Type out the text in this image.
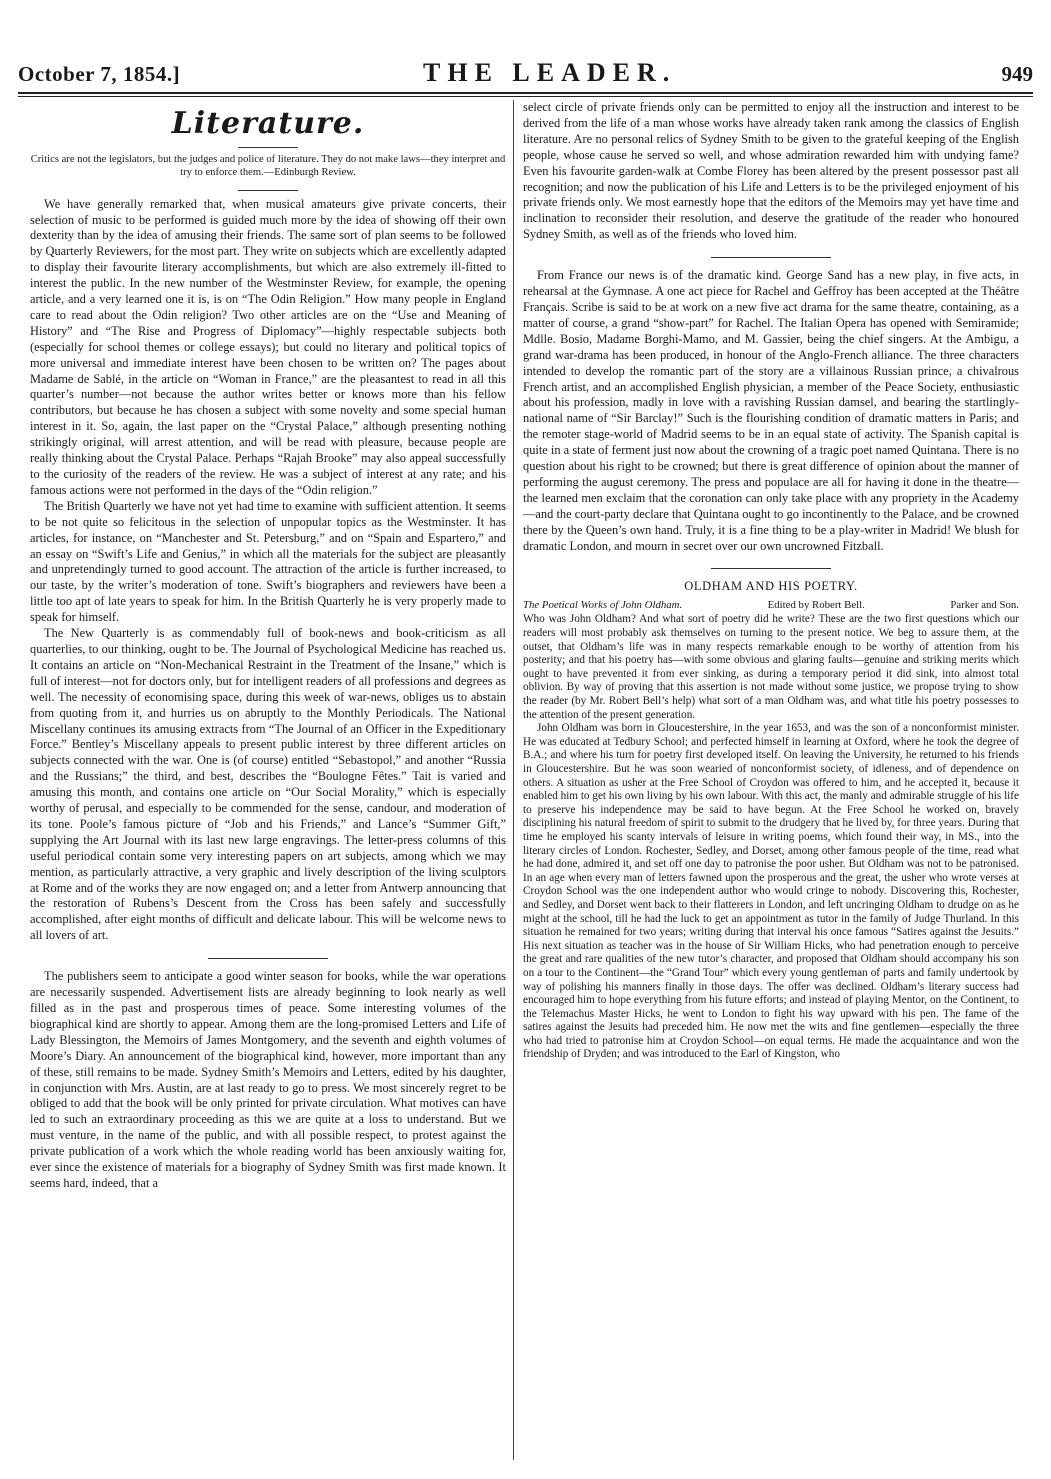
October 7, 1854.]	THE LEADER.	949
Literature.

Critics are not the legislators, but the judges and police of literature. They do not make laws—they interpret and try to enforce them.—Edinburgh Review.

We have generally remarked that, when musical amateurs give private concerts, their selection of music to be performed is guided much more by the idea of showing off their own dexterity than by the idea of amusing their friends. The same sort of plan seems to be followed by Quarterly Reviewers, for the most part. They write on subjects which are excellently adapted to display their favourite literary accomplishments, but which are also extremely ill-fitted to interest the public. In the new number of the Westminster Review, for example, the opening article, and a very learned one it is, is on “The Odin Religion.” How many people in England care to read about the Odin religion? Two other articles are on the “Use and Meaning of History” and “The Rise and Progress of Diplomacy”—highly respectable subjects both (especially for school themes or college essays); but could no literary and political topics of more universal and immediate interest have been chosen to be written on? The pages about Madame de Sablé, in the article on “Woman in France,” are the pleasantest to read in all this quarter’s number—not because the author writes better or knows more than his fellow contributors, but because he has chosen a subject with some novelty and some special human interest in it. So, again, the last paper on the “Crystal Palace,” although presenting nothing strikingly original, will arrest attention, and will be read with pleasure, because people are really thinking about the Crystal Palace. Perhaps “Rajah Brooke” may also appeal successfully to the curiosity of the readers of the review. He was a subject of interest at any rate; and his famous actions were not performed in the days of the “Odin religion.”

The British Quarterly we have not yet had time to examine with sufficient attention. It seems to be not quite so felicitous in the selection of unpopular topics as the Westminster. It has articles, for instance, on “Manchester and St. Petersburg,” and on “Spain and Espartero,” and an essay on “Swift’s Life and Genius,” in which all the materials for the subject are pleasantly and unpretendingly turned to good account. The attraction of the article is further increased, to our taste, by the writer’s moderation of tone. Swift’s biographers and reviewers have been a little too apt of late years to speak for him. In the British Quarterly he is very properly made to speak for himself.

The New Quarterly is as commendably full of book-news and book-criticism as all quarterlies, to our thinking, ought to be. The Journal of Psychological Medicine has reached us. It contains an article on “Non-Mechanical Restraint in the Treatment of the Insane,” which is full of interest—not for doctors only, but for intelligent readers of all professions and degrees as well. The necessity of economising space, during this week of war-news, obliges us to abstain from quoting from it, and hurries us on abruptly to the Monthly Periodicals. The National Miscellany continues its amusing extracts from “The Journal of an Officer in the Expeditionary Force.” Bentley’s Miscellany appeals to present public interest by three different articles on subjects connected with the war. One is (of course) entitled “Sebastopol,” and another “Russia and the Russians;” the third, and best, describes the “Boulogne Fêtes.” Tait is varied and amusing this month, and contains one article on “Our Social Morality,” which is especially worthy of perusal, and especially to be commended for the sense, candour, and moderation of its tone. Poole’s famous picture of “Job and his Friends,” and Lance’s “Summer Gift,” supplying the Art Journal with its last new large engravings. The letter-press columns of this useful periodical contain some very interesting papers on art subjects, among which we may mention, as particularly attractive, a very graphic and lively description of the living sculptors at Rome and of the works they are now engaged on; and a letter from Antwerp announcing that the restoration of Rubens’s Descent from the Cross has been safely and successfully accomplished, after eight months of difficult and delicate labour. This will be welcome news to all lovers of art.

The publishers seem to anticipate a good winter season for books, while the war operations are necessarily suspended. Advertisement lists are already beginning to look nearly as well filled as in the past and prosperous times of peace. Some interesting volumes of the biographical kind are shortly to appear. Among them are the long-promised Letters and Life of Lady Blessington, the Memoirs of James Montgomery, and the seventh and eighth volumes of Moore’s Diary. An announcement of the biographical kind, however, more important than any of these, still remains to be made. Sydney Smith’s Memoirs and Letters, edited by his daughter, in conjunction with Mrs. Austin, are at last ready to go to press. We most sincerely regret to be obliged to add that the book will be only printed for private circulation. What motives can have led to such an extraordinary proceeding as this we are quite at a loss to understand. But we must venture, in the name of the public, and with all possible respect, to protest against the private publication of a work which the whole reading world has been anxiously waiting for, ever since the existence of materials for a biography of Sydney Smith was first made known. It seems hard, indeed, that a

select circle of private friends only can be permitted to enjoy all the instruction and interest to be derived from the life of a man whose works have already taken rank among the classics of English literature. Are no personal relics of Sydney Smith to be given to the grateful keeping of the English people, whose cause he served so well, and whose admiration rewarded him with undying fame? Even his favourite garden-walk at Combe Florey has been altered by the present possessor past all recognition; and now the publication of his Life and Letters is to be the privileged enjoyment of his private friends only. We most earnestly hope that the editors of the Memoirs may yet have time and inclination to reconsider their resolution, and deserve the gratitude of the reader who honoured Sydney Smith, as well as of the friends who loved him.

From France our news is of the dramatic kind. George Sand has a new play, in five acts, in rehearsal at the Gymnase. A one act piece for Rachel and Geffroy has been accepted at the Théâtre Français. Scribe is said to be at work on a new five act drama for the same theatre, containing, as a matter of course, a grand “show-part” for Rachel. The Italian Opera has opened with Semiramide; Mdlle. Bosio, Madame Borghi-Mamo, and M. Gassier, being the chief singers. At the Ambigu, a grand war-drama has been produced, in honour of the Anglo-French alliance. The three characters intended to develop the romantic part of the story are a villainous Russian prince, a chivalrous French artist, and an accomplished English physician, a member of the Peace Society, enthusiastic about his profession, madly in love with a ravishing Russian damsel, and bearing the startlingly-national name of “Sir Barclay!” Such is the flourishing condition of dramatic matters in Paris; and the remoter stage-world of Madrid seems to be in an equal state of activity. The Spanish capital is quite in a state of ferment just now about the crowning of a tragic poet named Quintana. There is no question about his right to be crowned; but there is great difference of opinion about the manner of performing the august ceremony. The press and populace are all for having it done in the theatre—the learned men exclaim that the coronation can only take place with any propriety in the Academy—and the court-party declare that Quintana ought to go incontinently to the Palace, and be crowned there by the Queen’s own hand. Truly, it is a fine thing to be a play-writer in Madrid! We blush for dramatic London, and mourn in secret over our own uncrowned Fitzball.

OLDHAM AND HIS POETRY.
The Poetical Works of John Oldham.	Edited by Robert Bell.	Parker and Son.

Who was John Oldham? And what sort of poetry did he write? These are the two first questions which our readers will most probably ask themselves on turning to the present notice. We beg to assure them, at the outset, that Oldham’s life was in many respects remarkable enough to be worthy of attention from his posterity; and that his poetry has—with some obvious and glaring faults—genuine and striking merits which ought to have prevented it from ever sinking, as during a temporary period it did sink, into almost total oblivion. By way of proving that this assertion is not made without some justice, we propose trying to show the reader (by Mr. Robert Bell’s help) what sort of a man Oldham was, and what title his poetry possesses to the attention of the present generation.

John Oldham was born in Gloucestershire, in the year 1653, and was the son of a nonconformist minister. He was educated at Tedbury School; and perfected himself in learning at Oxford, where he took the degree of B.A.; and where his turn for poetry first developed itself. On leaving the University, he returned to his friends in Gloucestershire. But he was soon wearied of nonconformist society, of idleness, and of dependence on others. A situation as usher at the Free School of Croydon was offered to him, and he accepted it, because it enabled him to get his own living by his own labour. With this act, the manly and admirable struggle of his life to preserve his independence may be said to have begun. At the Free School he worked on, bravely disciplining his natural freedom of spirit to submit to the drudgery that he lived by, for three years. During that time he employed his scanty intervals of leisure in writing poems, which found their way, in MS., into the literary circles of London. Rochester, Sedley, and Dorset, among other famous people of the time, read what he had done, admired it, and set off one day to patronise the poor usher. But Oldham was not to be patronised. In an age when every man of letters fawned upon the prosperous and the great, the usher who wrote verses at Croydon School was the one independent author who would cringe to nobody. Discovering this, Rochester, and Sedley, and Dorset went back to their flatterers in London, and left uncringing Oldham to drudge on as he might at the school, till he had the luck to get an appointment as tutor in the family of Judge Thurland. In this situation he remained for two years; writing during that interval his once famous “Satires against the Jesuits.” His next situation as teacher was in the house of Sir William Hicks, who had penetration enough to perceive the great and rare qualities of the new tutor’s character, and proposed that Oldham should accompany his son on a tour to the Continent—the “Grand Tour” which every young gentleman of parts and family undertook by way of polishing his manners finally in those days. The offer was declined. Oldham’s literary success had encouraged him to hope everything from his future efforts; and instead of playing Mentor, on the Continent, to the Telemachus Master Hicks, he went to London to fight his way upward with his pen. The fame of the satires against the Jesuits had preceded him. He now met the wits and fine gentlemen—especially the three who had tried to patronise him at Croydon School—on equal terms. He made the acquaintance and won the friendship of Dryden; and was introduced to the Earl of Kingston, who
